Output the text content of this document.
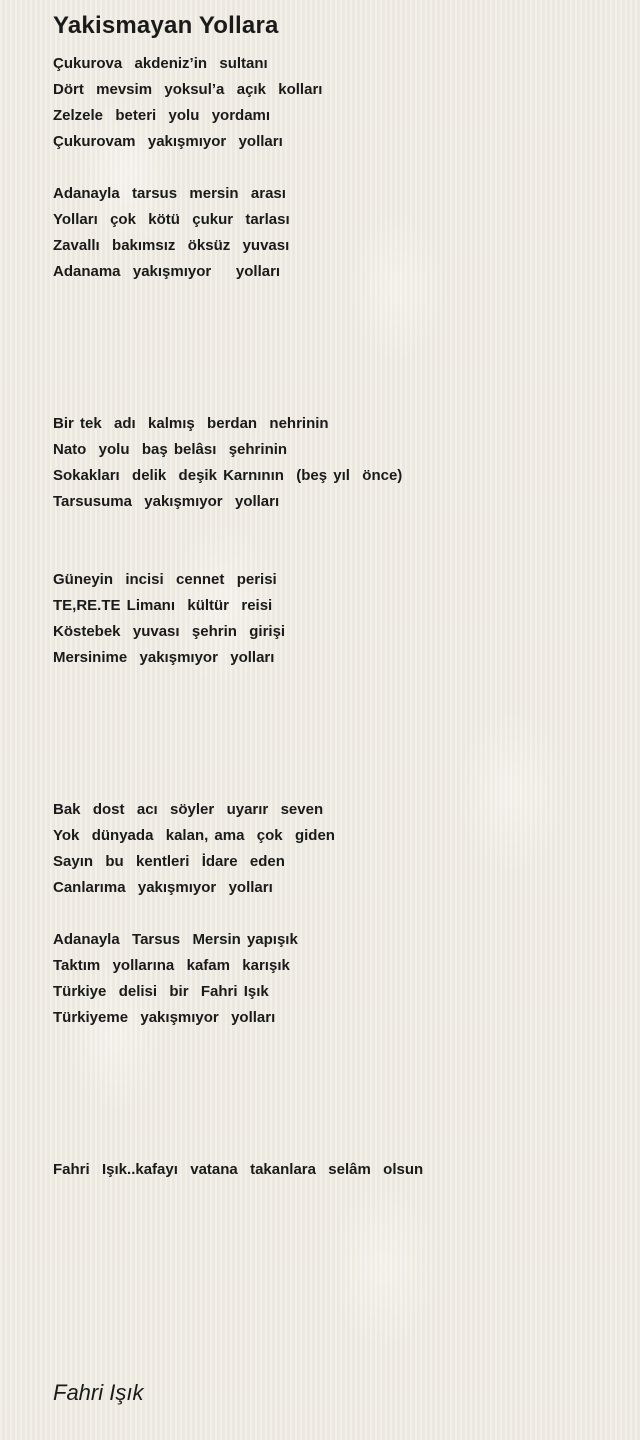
Yakismayan Yollara
Çukurova  akdeniz’in  sultanı
Dört  mevsim  yoksul’a  açık  kolları
Zelzele  beteri  yolu  yordamı
Çukurovam  yakışmıyor  yolları
Adanayla  tarsus  mersin  arası
Yolları  çok  kötü  çukur  tarlası
Zavallı  bakımsız  öksüz  yuvası
Adanama  yakışmıyor    yolları
Bir tek  adı  kalmış  berdan  nehrinin
Nato  yolu  baş belâsı  şehrinin
Sokakları  delik  deşik Karnının  (beş yıl  önce)
Tarsusuma  yakışmıyor  yolları
Güneyin  incisi  cennet  perisi
TE,RE.TE Limanı  kültür  reisi
Köstebek  yuvası  şehrin  girişi
Mersinime  yakışmıyor  yolları
Bak  dost  acı  söyler  uyarır  seven
Yok  dünyada  kalan, ama  çok  giden
Sayın  bu  kentleri  İdare  eden
Canlarıma  yakışmıyor  yolları
Adanayla  Tarsus  Mersin yapışık
Taktım  yollarına  kafam  karışık
Türkiye  delisi  bir  Fahri Işık
Türkiyeme  yakışmıyor  yolları
Fahri  Işık..kafayı  vatana  takanlara  selâm  olsun
Fahri Işık
